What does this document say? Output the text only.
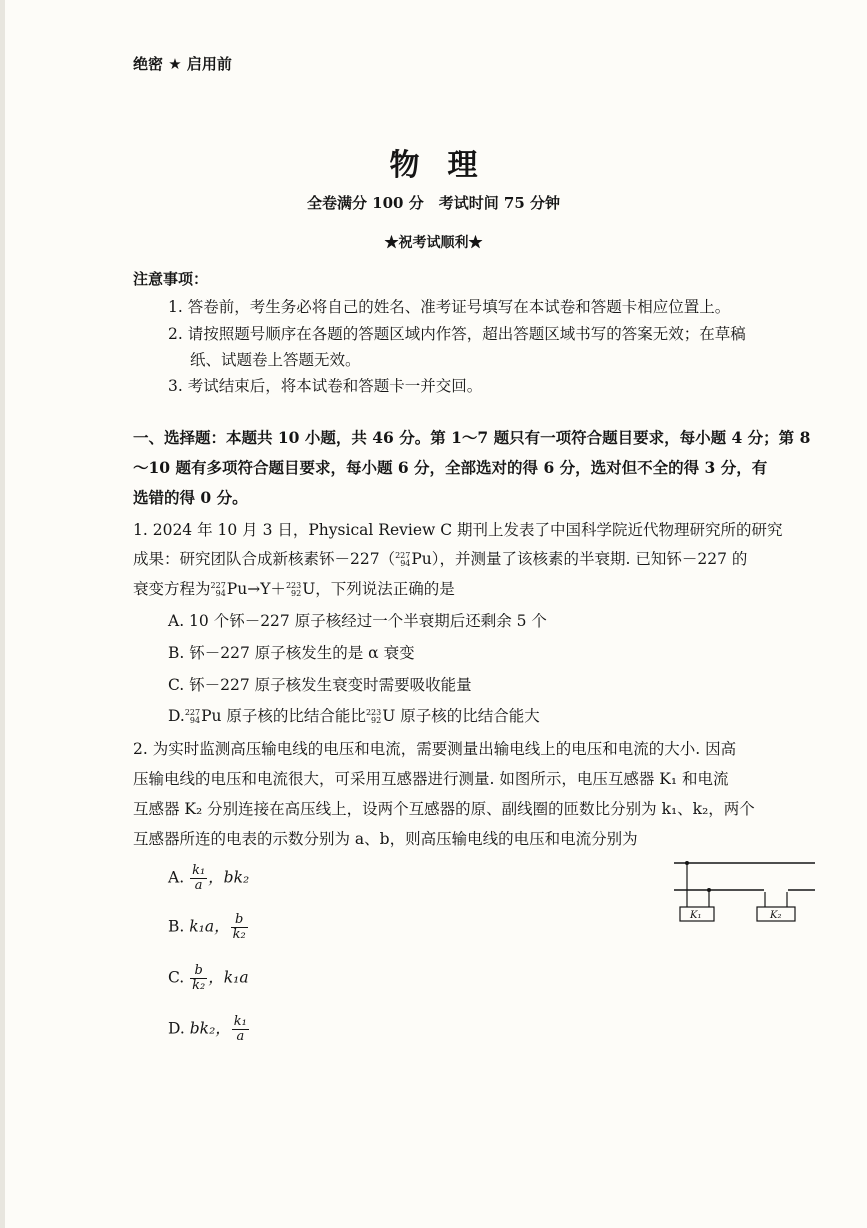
绝密 ★ 启用前
物理
全卷满分 100 分　考试时间 75 分钟
★祝考试顺利★
注意事项：
1. 答卷前，考生务必将自己的姓名、准考证号填写在本试卷和答题卡相应位置上。
2. 请按照题号顺序在各题的答题区域内作答，超出答题区域书写的答案无效；在草稿
纸、试题卷上答题无效。
3. 考试结束后，将本试卷和答题卡一并交回。
一、选择题：本题共 10 小题，共 46 分。第 1～7 题只有一项符合题目要求，每小题 4 分；第 8
～10 题有多项符合题目要求，每小题 6 分，全部选对的得 6 分，选对但不全的得 3 分，有
选错的得 0 分。
1. 2024 年 10 月 3 日，Physical Review C 期刊上发表了中国科学院近代物理研究所的研究
成果：研究团队合成新核素钚－227（ 227
94 Pu），并测量了该核素的半衰期. 已知钚－227 的
衰变方程为 227
94 Pu→Y＋ 223
92 U，下列说法正确的是
A. 10 个钚－227 原子核经过一个半衰期后还剩余 5 个
B. 钚－227 原子核发生的是 α 衰变
C. 钚－227 原子核发生衰变时需要吸收能量
D. 227
94 Pu 原子核的比结合能比 223
92 U 原子核的比结合能大
2. 为实时监测高压输电线的电压和电流，需要测量出输电线上的电压和电流的大小. 因高
压输电线的电压和电流很大，可采用互感器进行测量. 如图所示，电压互感器 K₁ 和电流
互感器 K₂ 分别连接在高压线上，设两个互感器的原、副线圈的匝数比分别为 k₁、k₂，两个
互感器所连的电表的示数分别为 a、b，则高压输电线的电压和电流分别为
A. $\frac{\text{k₁}}{a}$ ，bk₂
B. k₁a， $\frac{b}{\text{k₂}}$
C. $\frac{b}{\text{k₂}}$ ，k₁a
D. bk₂， $\frac{\text{k₁}}{a}$
K₁	K₂
